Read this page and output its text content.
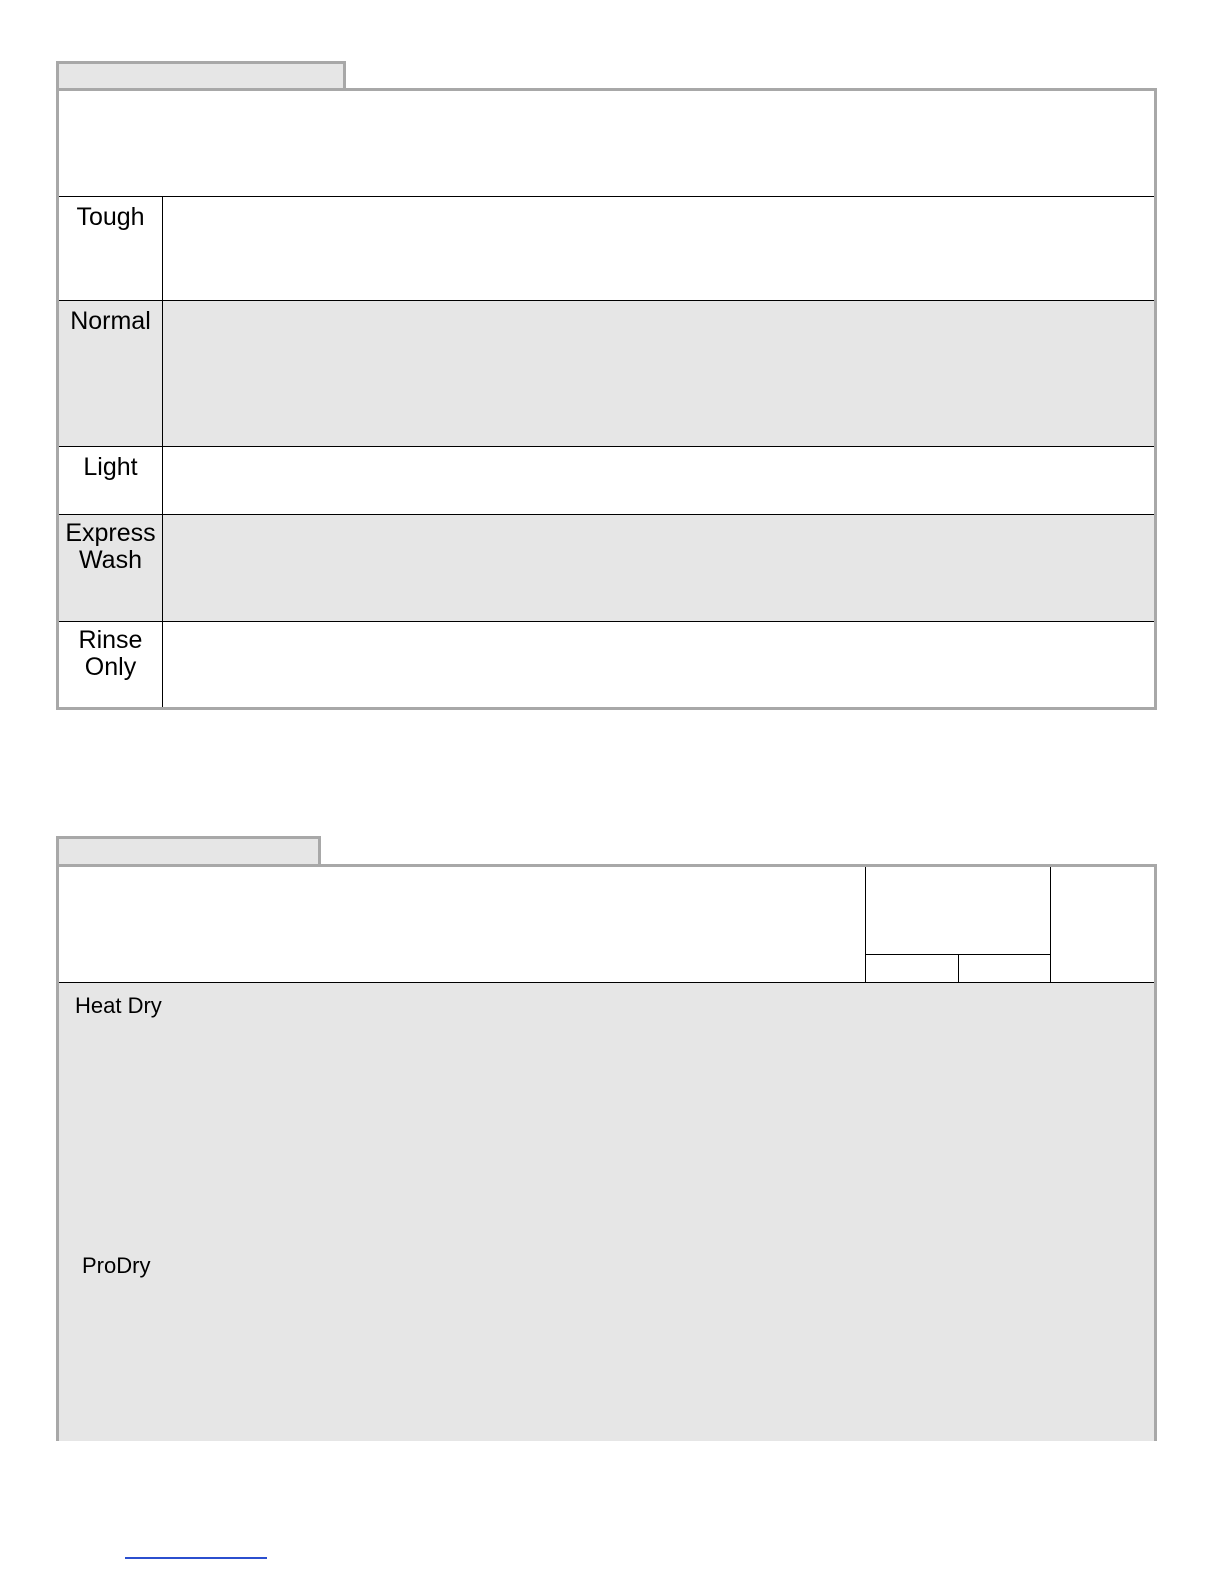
Tough
Normal
Light
Express
Wash
Rinse
Only
Heat Dry
ProDry
